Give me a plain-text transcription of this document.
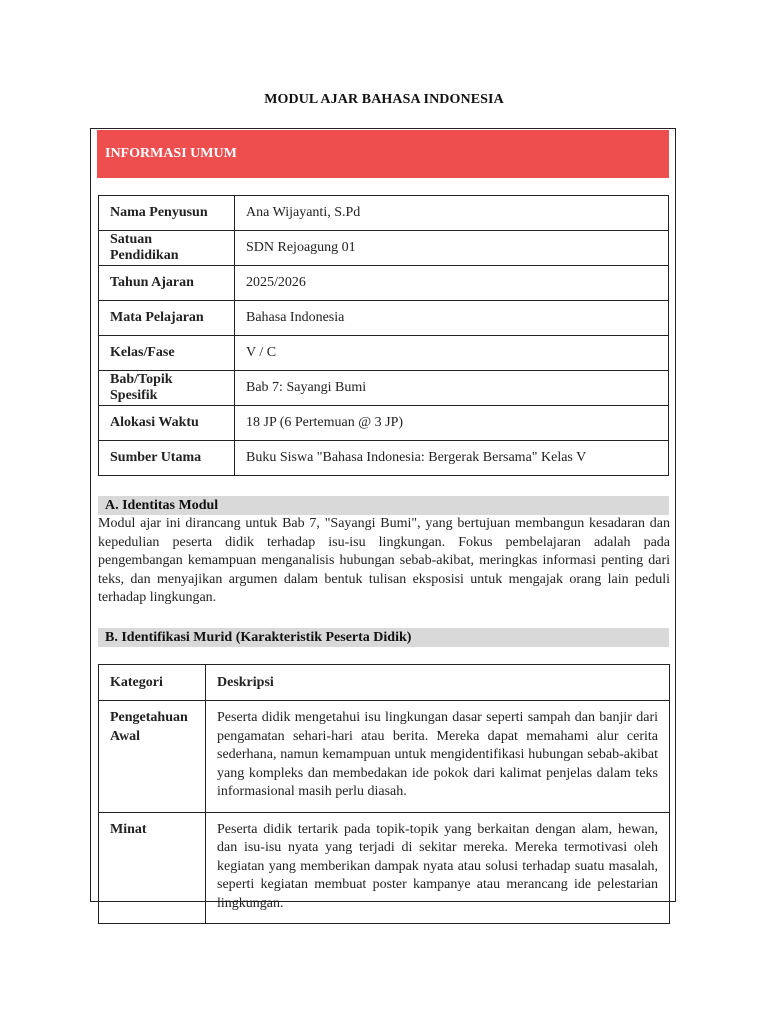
MODUL AJAR BAHASA INDONESIA
INFORMASI UMUM
Nama Penyusun	Ana Wijayanti, S.Pd
Satuan Pendidikan	SDN Rejoagung 01
Tahun Ajaran	2025/2026
Mata Pelajaran	Bahasa Indonesia
Kelas/Fase	V / C
Bab/Topik Spesifik	Bab 7: Sayangi Bumi
Alokasi Waktu	18 JP (6 Pertemuan @ 3 JP)
Sumber Utama	Buku Siswa "Bahasa Indonesia: Bergerak Bersama" Kelas V
A. Identitas Modul
Modul ajar ini dirancang untuk Bab 7, "Sayangi Bumi", yang bertujuan membangun kesadaran dan kepedulian peserta didik terhadap isu-isu lingkungan. Fokus pembelajaran adalah pada pengembangan kemampuan menganalisis hubungan sebab-akibat, meringkas informasi penting dari teks, dan menyajikan argumen dalam bentuk tulisan eksposisi untuk mengajak orang lain peduli terhadap lingkungan.
B. Identifikasi Murid (Karakteristik Peserta Didik)
Kategori	Deskripsi
Pengetahuan Awal	Peserta didik mengetahui isu lingkungan dasar seperti sampah dan banjir dari pengamatan sehari-hari atau berita. Mereka dapat memahami alur cerita sederhana, namun kemampuan untuk mengidentifikasi hubungan sebab-akibat yang kompleks dan membedakan ide pokok dari kalimat penjelas dalam teks informasional masih perlu diasah.
Minat	Peserta didik tertarik pada topik-topik yang berkaitan dengan alam, hewan, dan isu-isu nyata yang terjadi di sekitar mereka. Mereka termotivasi oleh kegiatan yang memberikan dampak nyata atau solusi terhadap suatu masalah, seperti kegiatan membuat poster kampanye atau merancang ide pelestarian lingkungan.
